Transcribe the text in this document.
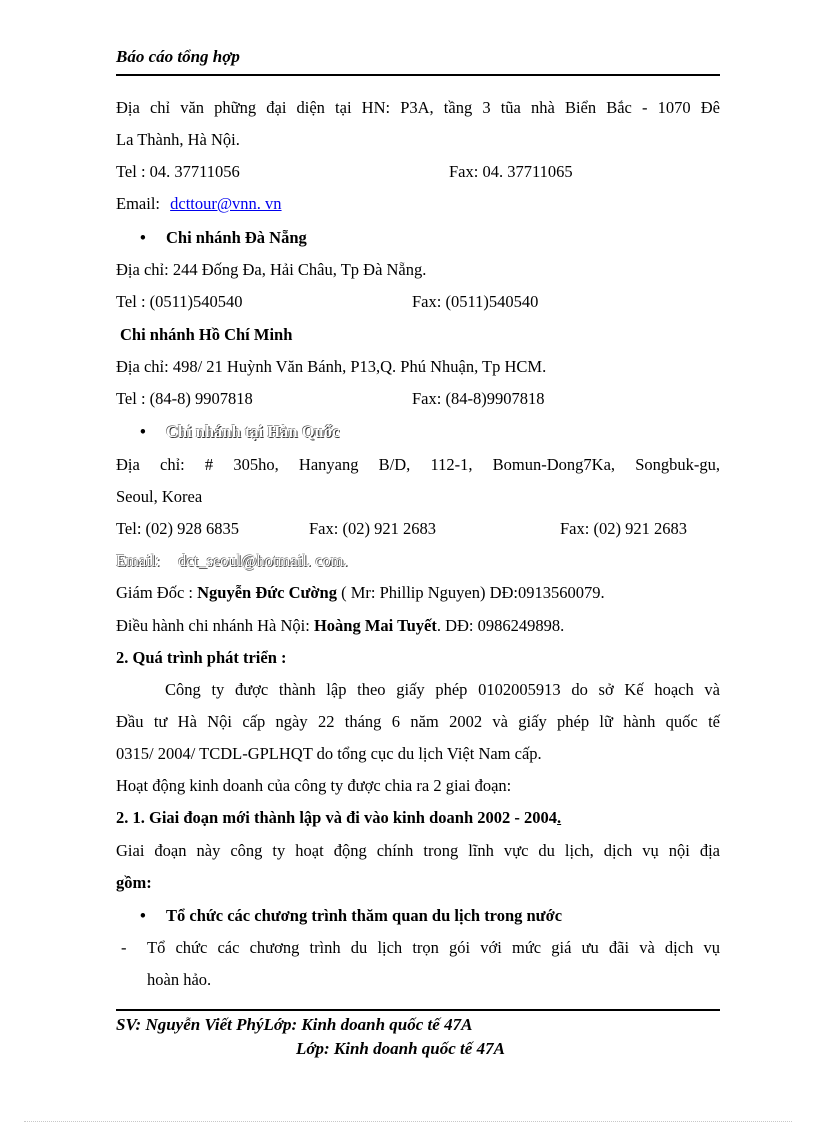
Báo cáo tổng hợp
Địa chỉ văn phững đại diện tại HN: P3A, tầng 3 tũa nhà Biển Bắc - 1070 Đê
La Thành, Hà Nội.
Tel : 04. 37711056	Fax: 04. 37711065
Email: dcttour@vnn. vn
• Chi nhánh Đà Nẵng
Địa chỉ: 244 Đống Đa, Hải Châu, Tp Đà Nẵng.
Tel : (0511)540540	Fax: (0511)540540
Chi nhánh Hồ Chí Minh
Địa chỉ: 498/ 21 Huỳnh Văn Bánh, P13,Q. Phú Nhuận, Tp HCM.
Tel : (84-8) 9907818	Fax: (84-8)9907818
• Chi nhánh tại Hàn Quốc
Địa chỉ: # 305ho, Hanyang B/D, 112-1, Bomun-Dong7Ka, Songbuk-gu,
Seoul, Korea
Tel: (02) 928 6835	Fax: (02) 921 2683	Fax: (02) 921 2683
Email: dct_seoul@hotmail. com.
Giám Đốc : Nguyễn Đức Cường ( Mr: Phillip Nguyen) DĐ:0913560079.
Điều hành chi nhánh Hà Nội: Hoàng Mai Tuyết. DĐ: 0986249898.
2. Quá trình phát triển :
Công ty được thành lập theo giấy phép 0102005913 do sở Kế hoạch và
Đầu tư Hà Nội cấp ngày 22 tháng 6 năm 2002 và giấy phép lữ hành quốc tế
0315/ 2004/ TCDL-GPLHQT do tổng cục du lịch Việt Nam cấp.
Hoạt động kinh doanh của công ty được chia ra 2 giai đoạn:
2. 1. Giai đoạn mới thành lập và đi vào kinh doanh 2002 - 2004.
Giai đoạn này công ty hoạt động chính trong lĩnh vực du lịch, dịch vụ nội địa
gồm:
• Tổ chức các chương trình thăm quan du lịch trong nước
- Tổ chức các chương trình du lịch trọn gói với mức giá ưu đãi và dịch vụ
hoàn hảo.
SV: Nguyễn Viết PhýLớp: Kinh doanh quốc tế 47A
Lớp: Kinh doanh quốc tế 47A
